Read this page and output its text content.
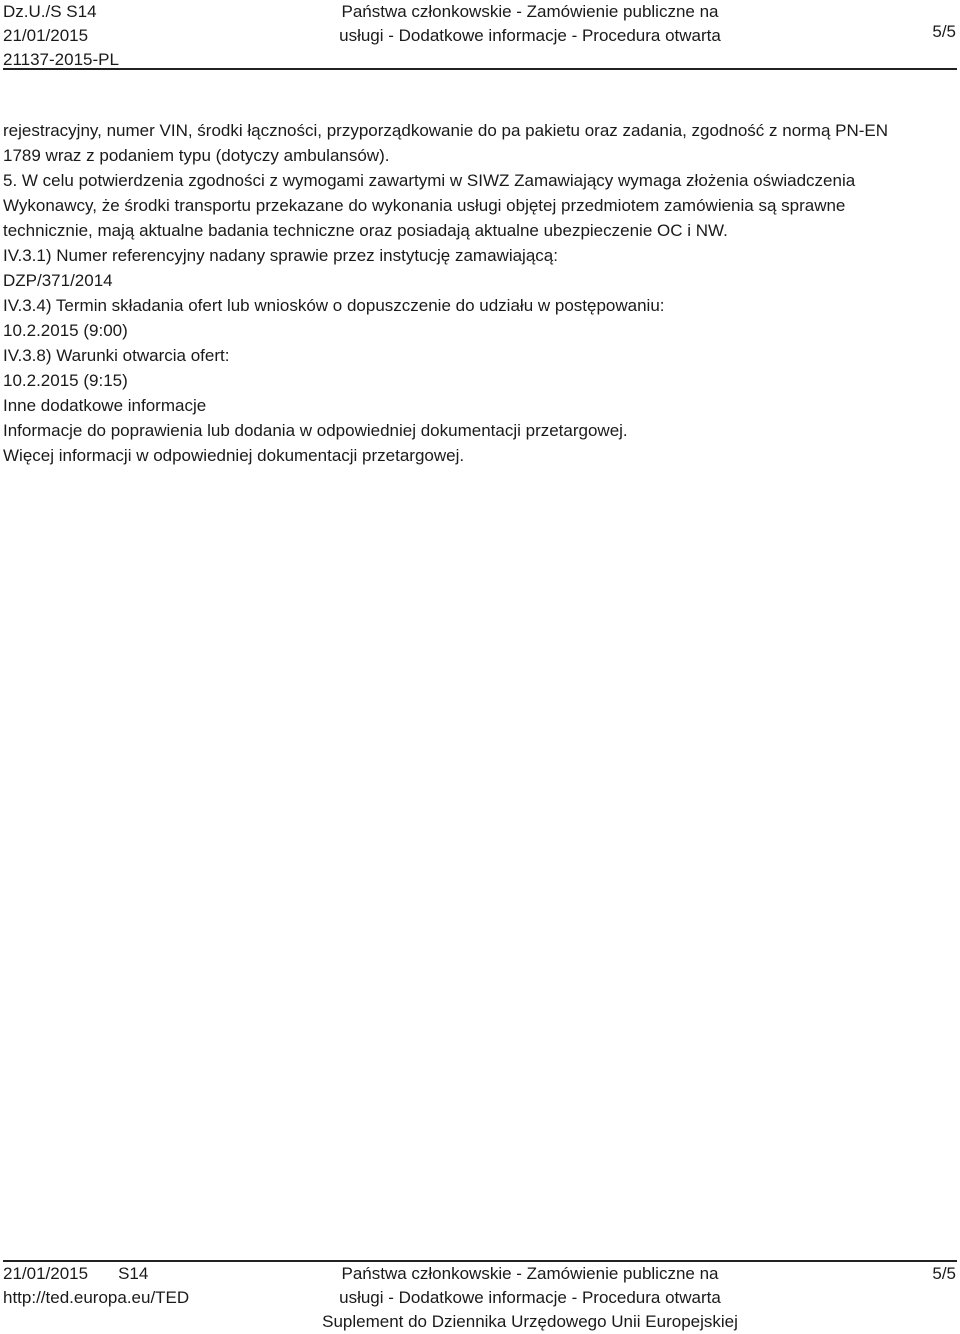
Dz.U./S S14
21/01/2015
21137-2015-PL
Państwa członkowskie - Zamówienie publiczne na
usługi - Dodatkowe informacje - Procedura otwarta	5/5
rejestracyjny, numer VIN, środki łączności, przyporządkowanie do pa pakietu oraz zadania, zgodność z normą PN-EN
1789 wraz z podaniem typu (dotyczy ambulansów).
5. W celu potwierdzenia zgodności z wymogami zawartymi w SIWZ Zamawiający wymaga złożenia oświadczenia
Wykonawcy, że środki transportu przekazane do wykonania usługi objętej przedmiotem zamówienia są sprawne
technicznie, mają aktualne badania techniczne oraz posiadają aktualne ubezpieczenie OC i NW.
IV.3.1) Numer referencyjny nadany sprawie przez instytucję zamawiającą:
DZP/371/2014
IV.3.4) Termin składania ofert lub wniosków o dopuszczenie do udziału w postępowaniu:
10.2.2015 (9:00)
IV.3.8) Warunki otwarcia ofert:
10.2.2015 (9:15)
Inne dodatkowe informacje
Informacje do poprawienia lub dodania w odpowiedniej dokumentacji przetargowej.
Więcej informacji w odpowiedniej dokumentacji przetargowej.
21/01/2015 S14
http://ted.europa.eu/TED
Państwa członkowskie - Zamówienie publiczne na
usługi - Dodatkowe informacje - Procedura otwarta
Suplement do Dziennika Urzędowego Unii Europejskiej
5/5
